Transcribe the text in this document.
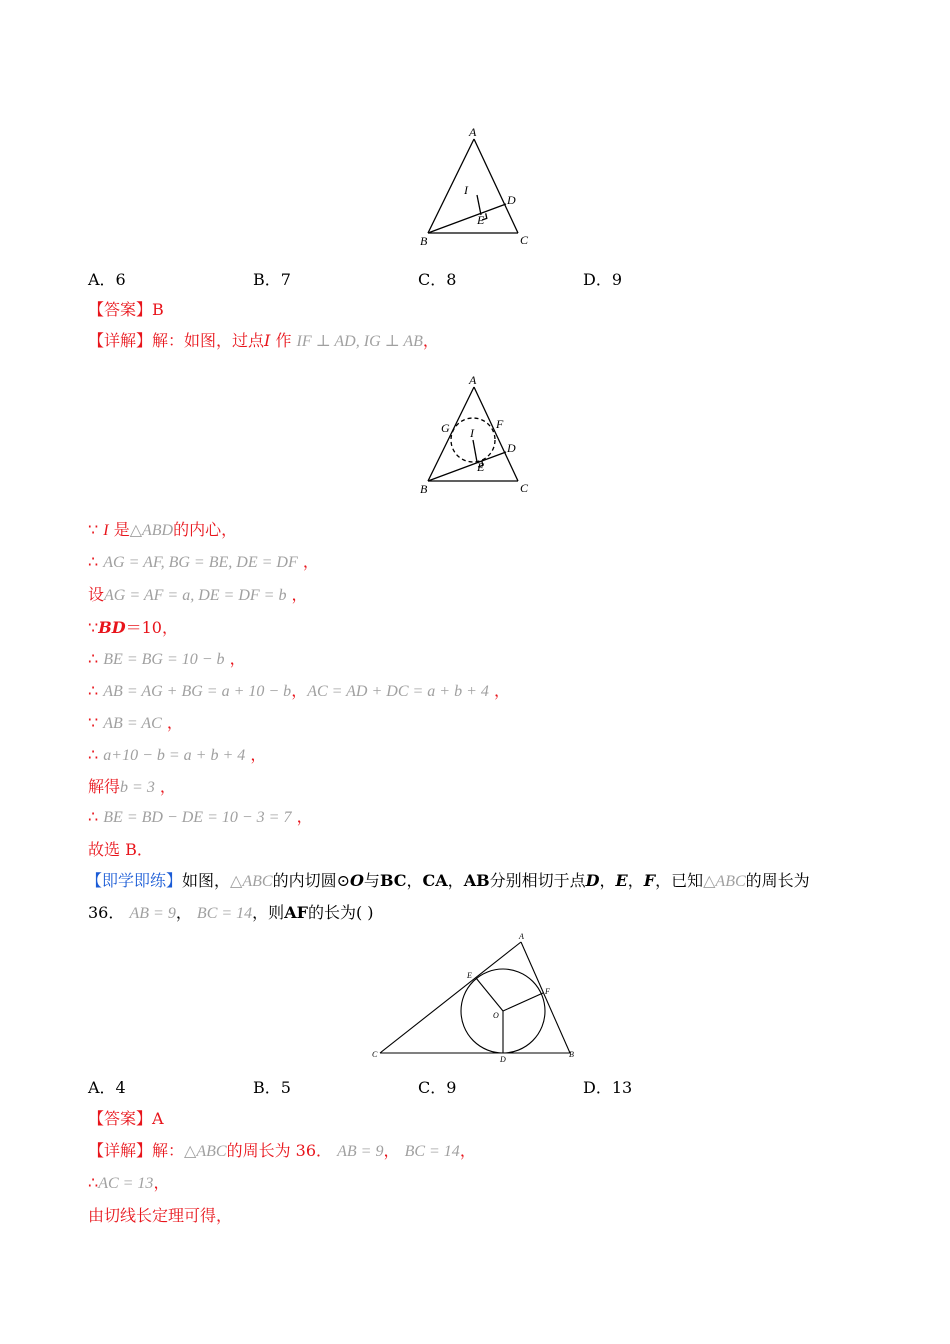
A
B	C
D
E
I
A．6	B．7	C．8	D．9
【答案】B
【详解】解：如图，过点I 作 IF ⊥ AD, IG ⊥ AB，
A
B	C
D
E
F
G I
∵ I 是△ABD的内心，
∴ AG = AF, BG = BE, DE = DF ，
设AG = AF = a, DE = DF = b ，
∵BD＝10，
∴ BE = BG = 10 − b ，
∴ AB = AG + BG = a + 10 − b，AC = AD + DC = a + b + 4 ，
∵ AB = AC ，
∴ a+10 − b = a + b + 4 ，
解得b = 3 ，
∴ BE = BD − DE = 10 − 3 = 7 ，
故选 B．
【即学即练】如图，△ABC的内切圆⊙O与BC，CA，AB分别相切于点D，E，F，已知△ABC的周长为
36． AB = 9， BC = 14，则AF的长为( )
A
B
C
D
E
F
O
A．4	B．5	C．9	D．13
【答案】A
【详解】解：△ABC的周长为 36． AB = 9， BC = 14，
∴AC = 13，
由切线长定理可得，
